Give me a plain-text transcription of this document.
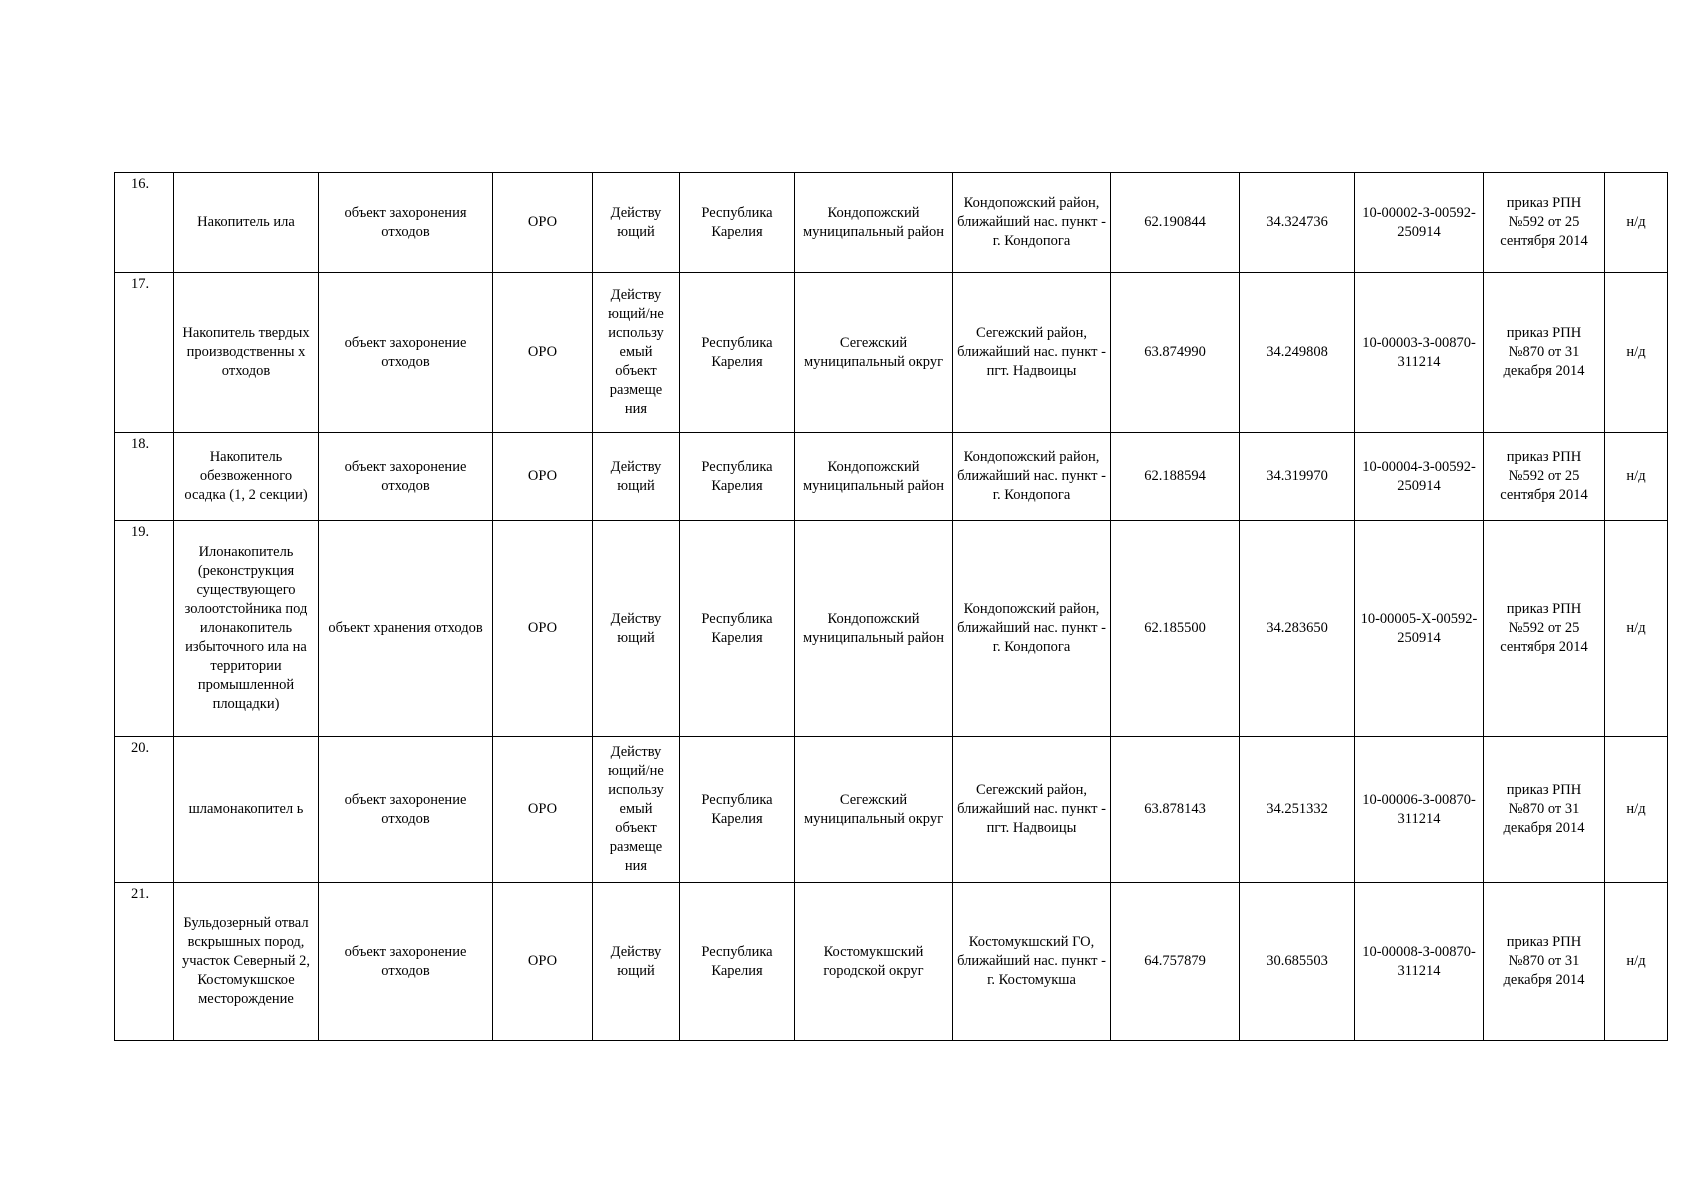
16.	Накопитель ила	объект захоронения отходов	ОРО	Действу ющий	Республика Карелия	Кондопожский муниципальный район	Кондопожский район, ближайший нас. пункт - г. Кондопога	62.190844	34.324736	10-00002-З-00592-250914	приказ РПН №592 от 25 сентября 2014	н/д
17.	Накопитель твердых производственны х отходов	объект захоронение отходов	ОРО	Действу ющий/не использу емый объект размеще ния	Республика Карелия	Сегежский муниципальный округ	Сегежский район, ближайший нас. пункт - пгт. Надвоицы	63.874990	34.249808	10-00003-З-00870-311214	приказ РПН №870 от 31 декабря 2014	н/д
18.	Накопитель обезвоженного осадка (1, 2 секции)	объект захоронение отходов	ОРО	Действу ющий	Республика Карелия	Кондопожский муниципальный район	Кондопожский район, ближайший нас. пункт - г. Кондопога	62.188594	34.319970	10-00004-З-00592-250914	приказ РПН №592 от 25 сентября 2014	н/д
19.	Илонакопитель (реконструкция существующего золоотстойника под илонакопитель избыточного ила на территории промышленной площадки)	объект хранения отходов	ОРО	Действу ющий	Республика Карелия	Кондопожский муниципальный район	Кондопожский район, ближайший нас. пункт - г. Кондопога	62.185500	34.283650	10-00005-Х-00592-250914	приказ РПН №592 от 25 сентября 2014	н/д
20.	шламонакопител ь	объект захоронение отходов	ОРО	Действу ющий/не использу емый объект размеще ния	Республика Карелия	Сегежский муниципальный округ	Сегежский район, ближайший нас. пункт - пгт. Надвоицы	63.878143	34.251332	10-00006-З-00870-311214	приказ РПН №870 от 31 декабря 2014	н/д
21.	Бульдозерный отвал вскрышных пород, участок Северный 2, Костомукшское месторождение	объект захоронение отходов	ОРО	Действу ющий	Республика Карелия	Костомукшский городской округ	Костомукшский ГО, ближайший нас. пункт - г. Костомукша	64.757879	30.685503	10-00008-З-00870-311214	приказ РПН №870 от 31 декабря 2014	н/д
